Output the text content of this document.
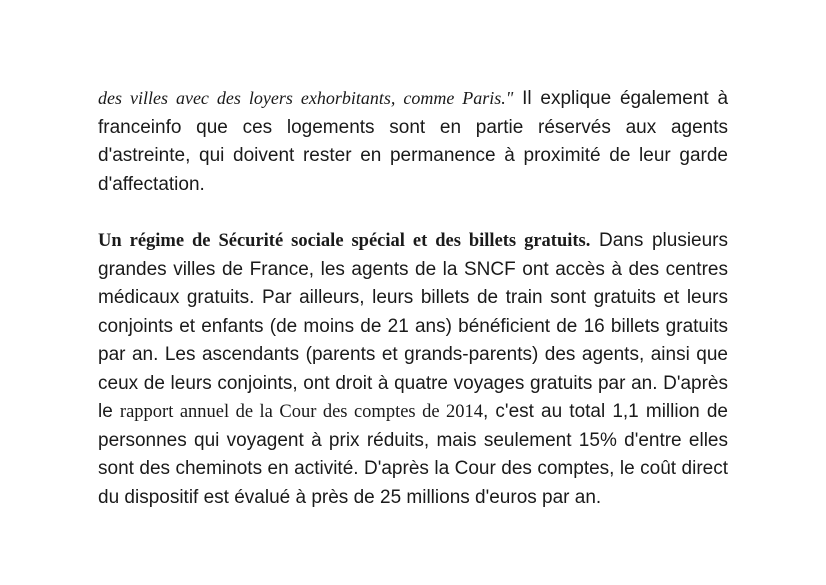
des villes avec des loyers exhorbitants, comme Paris." Il explique également à franceinfo que ces logements sont en partie réservés aux agents d'astreinte, qui doivent rester en permanence à proximité de leur garde d'affectation.

Un régime de Sécurité sociale spécial et des billets gratuits. Dans plusieurs grandes villes de France, les agents de la SNCF ont accès à des centres médicaux gratuits. Par ailleurs, leurs billets de train sont gratuits et leurs conjoints et enfants (de moins de 21 ans) bénéficient de 16 billets gratuits par an. Les ascendants (parents et grands-parents) des agents, ainsi que ceux de leurs conjoints, ont droit à quatre voyages gratuits par an. D'après le rapport annuel de la Cour des comptes de 2014, c'est au total 1,1 million de personnes qui voyagent à prix réduits, mais seulement 15% d'entre elles sont des cheminots en activité. D'après la Cour des comptes, le coût direct du dispositif est évalué à près de 25 millions d'euros par an.
